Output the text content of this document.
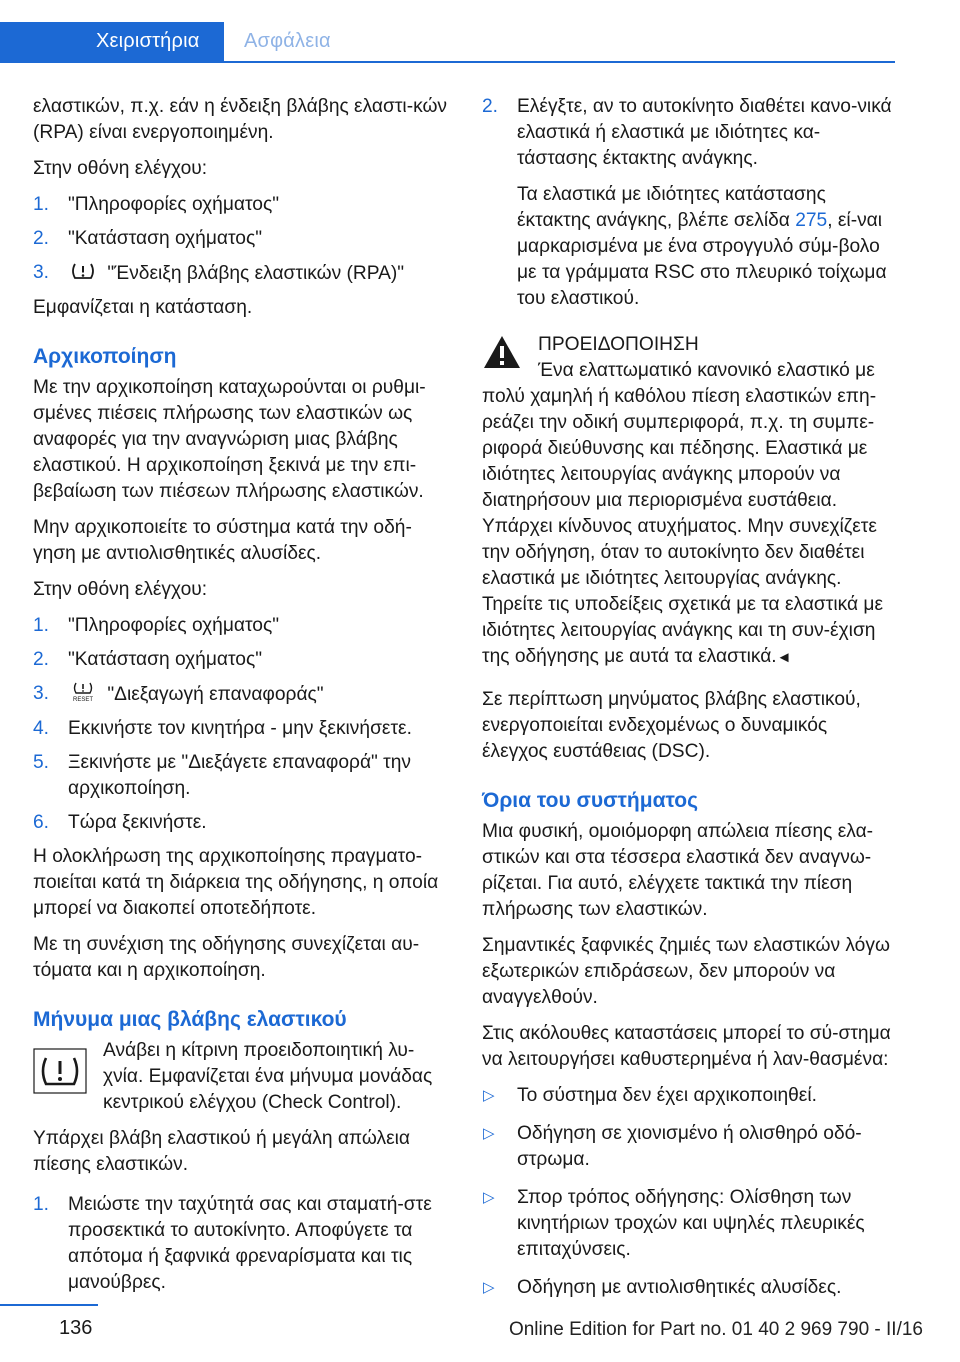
Χειριστήρια Ασφάλεια

ελαστικών, π.χ. εάν η ένδειξη βλάβης ελαστι-κών (RPA) είναι ενεργοποιημένη.

Στην οθόνη ελέγχου:

1. "Πληροφορίες οχήματος"
2. "Κατάσταση οχήματος"
3.	"Ένδειξη βλάβης ελαστικών (RPA)"

Εμφανίζεται η κατάσταση.

Αρχικοποίηση

Με την αρχικοποίηση καταχωρούνται οι ρυθμι-σμένες πιέσεις πλήρωσης των ελαστικών ως αναφορές για την αναγνώριση μιας βλάβης ελαστικού. Η αρχικοποίηση ξεκινά με την επι-βεβαίωση των πιέσεων πλήρωσης ελαστικών.

Μην αρχικοποιείτε το σύστημα κατά την οδή-γηση με αντιολισθητικές αλυσίδες.

Στην οθόνη ελέγχου:

1. "Πληροφορίες οχήματος"
2. "Κατάσταση οχήματος"
3.	RESET "Διεξαγωγή επαναφοράς"
4. Εκκινήστε τον κινητήρα - μην ξεκινήσετε.
5. Ξεκινήστε με "Διεξάγετε επαναφορά" την αρχικοποίηση.
6. Τώρα ξεκινήστε.

Η ολοκλήρωση της αρχικοποίησης πραγματο-ποιείται κατά τη διάρκεια της οδήγησης, η οποία μπορεί να διακοπεί οποτεδήποτε.

Με τη συνέχιση της οδήγησης συνεχίζεται αυ-τόματα και η αρχικοποίηση.

Μήνυμα μιας βλάβης ελαστικού

Ανάβει η κίτρινη προειδοποιητική λυ-χνία. Εμφανίζεται ένα μήνυμα μονάδας κεντρικού ελέγχου (Check Control).

Υπάρχει βλάβη ελαστικού ή μεγάλη απώλεια πίεσης ελαστικών.

1. Μειώστε την ταχύτητά σας και σταματή-στε προσεκτικά το αυτοκίνητο. Αποφύγετε τα απότομα ή ξαφνικά φρεναρίσματα και τις μανούβρες.
2. Ελέγξτε, αν το αυτοκίνητο διαθέτει κανο-νικά ελαστικά ή ελαστικά με ιδιότητες κα-τάστασης έκτακτης ανάγκης.

Τα ελαστικά με ιδιότητες κατάστασης έκτακτης ανάγκης, βλέπε σελίδα 275, εί-ναι μαρκαρισμένα με ένα στρογγυλό σύμ-βολο με τα γράμματα RSC στο πλευρικό τοίχωμα του ελαστικού.

ΠΡΟΕΙΔΟΠΟΙΗΣΗ
Ένα ελαττωματικό κανονικό ελαστικό με

πολύ χαμηλή ή καθόλου πίεση ελαστικών επη-ρεάζει την οδική συμπεριφορά, π.χ. τη συμπε-ριφορά διεύθυνσης και πέδησης. Ελαστικά με ιδιότητες λειτουργίας ανάγκης μπορούν να διατηρήσουν μια περιορισμένα ευστάθεια. Υπάρχει κίνδυνος ατυχήματος. Μην συνεχίζετε την οδήγηση, όταν το αυτοκίνητο δεν διαθέτει ελαστικά με ιδιότητες λειτουργίας ανάγκης. Τηρείτε τις υποδείξεις σχετικά με τα ελαστικά με ιδιότητες λειτουργίας ανάγκης και τη συν-έχιση της οδήγησης με αυτά τα ελαστικά.◄

Σε περίπτωση μηνύματος βλάβης ελαστικού, ενεργοποιείται ενδεχομένως ο δυναμικός έλεγχος ευστάθειας (DSC).

Όρια του συστήματος

Μια φυσική, ομοιόμορφη απώλεια πίεσης ελα-στικών και στα τέσσερα ελαστικά δεν αναγνω-ρίζεται. Για αυτό, ελέγχετε τακτικά την πίεση πλήρωσης των ελαστικών.

Σημαντικές ξαφνικές ζημιές των ελαστικών λόγω εξωτερικών επιδράσεων, δεν μπορούν να αναγγελθούν.

Στις ακόλουθες καταστάσεις μπορεί το σύ-στημα να λειτουργήσει καθυστερημένα ή λαν-θασμένα:

▷ Το σύστημα δεν έχει αρχικοποιηθεί.
▷ Οδήγηση σε χιονισμένο ή ολισθηρό οδό-στρωμα.
▷ Σπορ τρόπος οδήγησης: Ολίσθηση των κινητήριων τροχών και υψηλές πλευρικές επιταχύνσεις.
▷ Οδήγηση με αντιολισθητικές αλυσίδες.
136	Online Edition for Part no. 01 40 2 969 790 - II/16
